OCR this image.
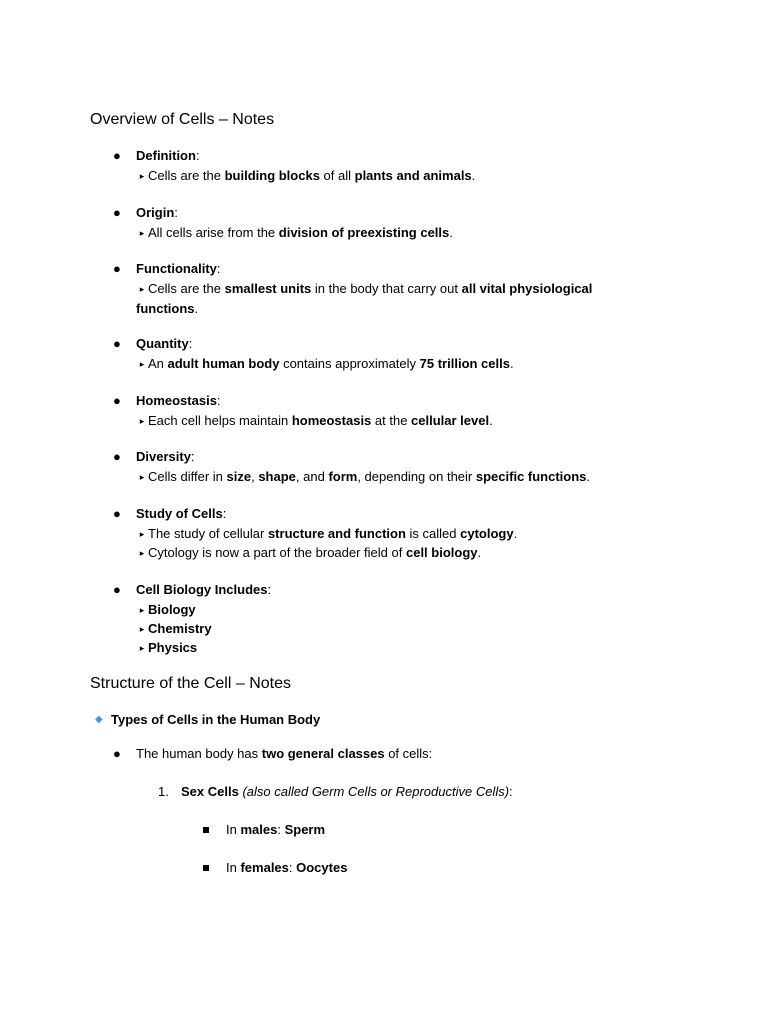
Overview of Cells – Notes
● Definition:
▸ Cells are the building blocks of all plants and animals.
● Origin:
▸ All cells arise from the division of preexisting cells.
● Functionality:
▸ Cells are the smallest units in the body that carry out all vital physiological functions.
● Quantity:
▸ An adult human body contains approximately 75 trillion cells.
● Homeostasis:
▸ Each cell helps maintain homeostasis at the cellular level.
● Diversity:
▸ Cells differ in size, shape, and form, depending on their specific functions.
● Study of Cells:
▸ The study of cellular structure and function is called cytology.
▸ Cytology is now a part of the broader field of cell biology.
● Cell Biology Includes:
▸ Biology
▸ Chemistry
▸ Physics
Structure of the Cell – Notes
◆ Types of Cells in the Human Body
● The human body has two general classes of cells:
1. Sex Cells (also called Germ Cells or Reproductive Cells):
In males: Sperm
In females: Oocytes
